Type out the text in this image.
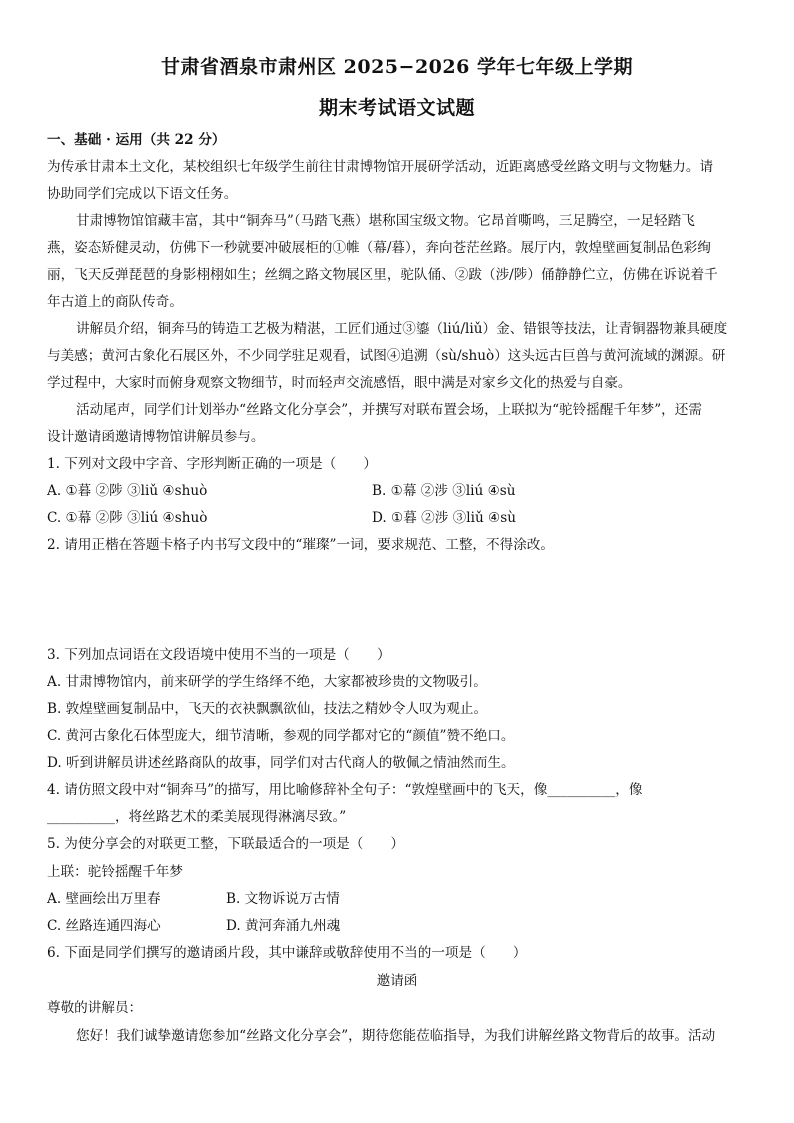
甘肃省酒泉市肃州区 2025−2026 学年七年级上学期
期末考试语文试题
一、基础 · 运用（共 22 分）
为传承甘肃本土文化，某校组织七年级学生前往甘肃博物馆开展研学活动，近距离感受丝路文明与文物魅力。请
协助同学们完成以下语文任务。
甘肃博物馆馆藏丰富，其中“铜奔马”（马踏飞燕）堪称国宝级文物。它昂首嘶鸣，三足腾空，一足轻踏飞
燕，姿态矫健灵动，仿佛下一秒就要冲破展柜的①帷（幕/暮），奔向苍茫丝路。展厅内，敦煌壁画复制品色彩绚
丽，飞天反弹琵琶的身影栩栩如生；丝绸之路文物展区里，驼队俑、②跋（涉/陟）俑静静伫立，仿佛在诉说着千
年古道上的商队传奇。
讲解员介绍，铜奔马的铸造工艺极为精湛，工匠们通过③鎏（liú/liǔ）金、错银等技法，让青铜器物兼具硬度
与美感；黄河古象化石展区外，不少同学驻足观看，试图④追溯（sù/shuò）这头远古巨兽与黄河流域的渊源。研
学过程中，大家时而俯身观察文物细节，时而轻声交流感悟，眼中满是对家乡文化的热爱与自豪。
活动尾声，同学们计划举办“丝路文化分享会”，并撰写对联布置会场，上联拟为“驼铃摇醒千年梦”，还需
设计邀请函邀请博物馆讲解员参与。
1. 下列对文段中字音、字形判断正确的一项是（　　）
A. ①暮 ②陟 ③liǔ ④shuò	B. ①幕 ②涉 ③liú ④sù
C. ①幕 ②陟 ③liú ④shuò	D. ①暮 ②涉 ③liǔ ④sù
2. 请用正楷在答题卡格子内书写文段中的“璀璨”一词，要求规范、工整，不得涂改。
3. 下列加点词语在文段语境中使用不当的一项是（　　）
A. 甘肃博物馆内，前来研学的学生络绎不绝，大家都被珍贵的文物吸引。
B. 敦煌壁画复制品中，飞天的衣袂飘飘欲仙，技法之精妙令人叹为观止。
C. 黄河古象化石体型庞大，细节清晰，参观的同学都对它的“颜值”赞不绝口。
D. 听到讲解员讲述丝路商队的故事，同学们对古代商人的敬佩之情油然而生。
4. 请仿照文段中对“铜奔马”的描写，用比喻修辞补全句子：“敦煌壁画中的飞天，像__________，像
__________，将丝路艺术的柔美展现得淋漓尽致。”
5. 为使分享会的对联更工整，下联最适合的一项是（　　）
上联：驼铃摇醒千年梦
A. 壁画绘出万里春	B. 文物诉说万古情
C. 丝路连通四海心	D. 黄河奔涌九州魂
6. 下面是同学们撰写的邀请函片段，其中谦辞或敬辞使用不当的一项是（　　）
邀请函
尊敬的讲解员：
您好！我们诚挚邀请您参加“丝路文化分享会”，期待您能莅临指导，为我们讲解丝路文物背后的故事。活动
